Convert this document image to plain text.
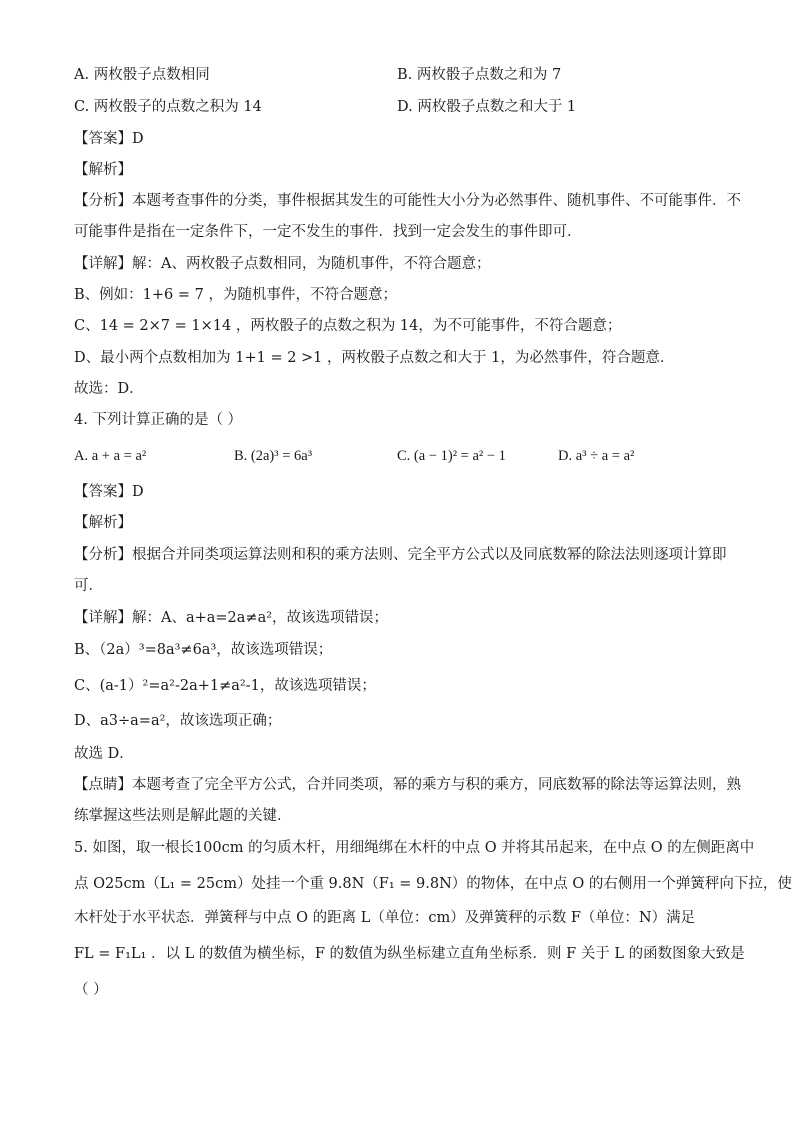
A. 两枚骰子点数相同	B. 两枚骰子点数之和为 7
C. 两枚骰子的点数之积为 14	D. 两枚骰子点数之和大于 1
【答案】D
【解析】
【分析】本题考查事件的分类，事件根据其发生的可能性大小分为必然事件、随机事件、不可能事件．不
可能事件是指在一定条件下，一定不发生的事件．找到一定会发生的事件即可．
【详解】解：A、两枚骰子点数相同，为随机事件，不符合题意；
B、例如：1+6 = 7 ，为随机事件，不符合题意；
C、14 = 2×7 = 1×14 ，两枚骰子的点数之积为 14，为不可能事件，不符合题意；
D、最小两个点数相加为 1+1 = 2 >1 ，两枚骰子点数之和大于 1，为必然事件，符合题意．
故选：D．
4. 下列计算正确的是（ ）
A. a + a = a²	B. (2a)³ = 6a³	C. (a − 1)² = a² − 1	D. a³ ÷ a = a²
【答案】D
【解析】
【分析】根据合并同类项运算法则和积的乘方法则、完全平方公式以及同底数幂的除法法则逐项计算即
可．
【详解】解：A、a+a=2a≠a²，故该选项错误；
B、（2a）³=8a³≠6a³，故该选项错误；
C、(a-1）²=a²-2a+1≠a²-1，故该选项错误；
D、a3÷a=a²，故该选项正确；
故选 D．
【点睛】本题考查了完全平方公式，合并同类项，幂的乘方与积的乘方，同底数幂的除法等运算法则，熟
练掌握这些法则是解此题的关键．
5. 如图，取一根长100cm 的匀质木杆，用细绳绑在木杆的中点 O 并将其吊起来，在中点 O 的左侧距离中
点 O25cm（L₁ = 25cm）处挂一个重 9.8N（F₁ = 9.8N）的物体，在中点 O 的右侧用一个弹簧秤向下拉，使
木杆处于水平状态．弹簧秤与中点 O 的距离 L（单位：cm）及弹簧秤的示数 F（单位：N）满足
FL = F₁L₁ ．以 L 的数值为横坐标，F 的数值为纵坐标建立直角坐标系．则 F 关于 L 的函数图象大致是
（ ）
